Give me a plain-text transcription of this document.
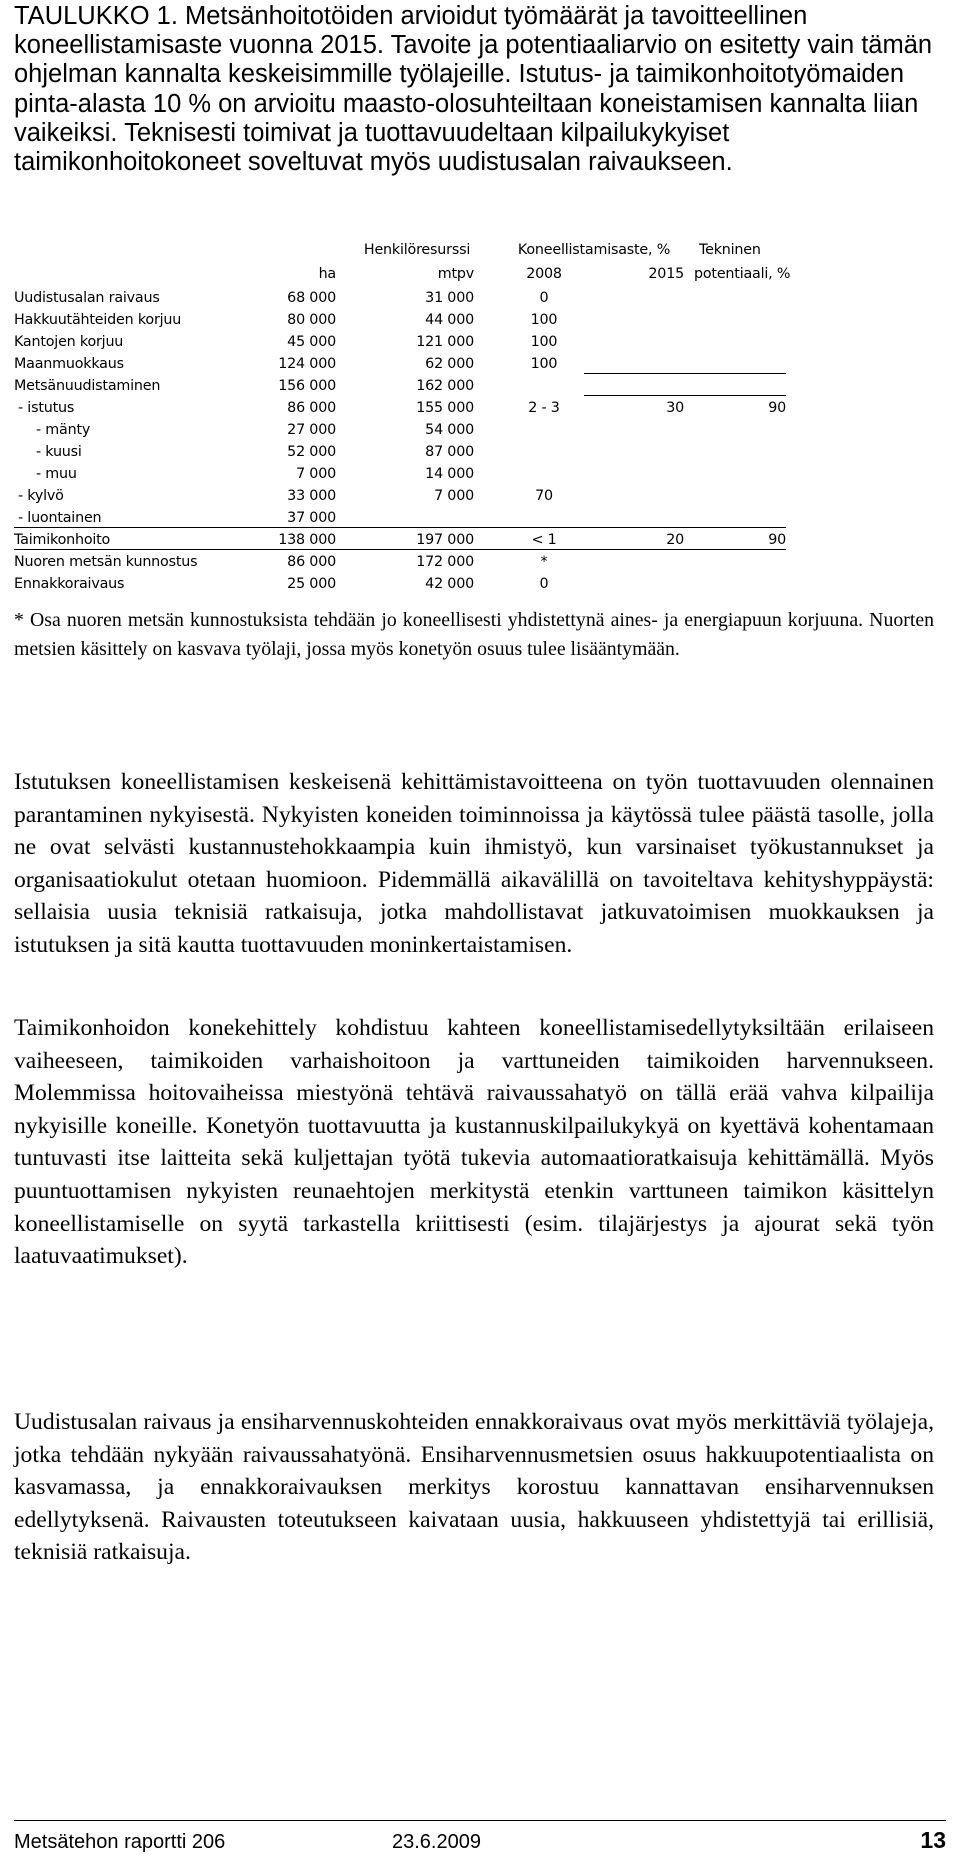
TAULUKKO 1. Metsänhoitotöiden arvioidut työmäärät ja tavoitteellinen koneellistamisaste vuonna 2015. Tavoite ja potentiaaliarvio on esitetty vain tämän ohjelman kannalta keskeisimmille työlajeille. Istutus- ja taimikonhoitotyömaiden pinta-alasta 10 % on arvioitu maasto-olosuhteiltaan koneistamisen kannalta liian vaikeiksi. Teknisesti toimivat ja tuottavuudeltaan kilpailukykyiset taimikonhoitokoneet soveltuvat myös uudistusalan raivaukseen.
Henkilöresurssi	Koneellistamisaste, %	Tekninen
ha	mtpv	2008	2015 potentiaali, %
Uudistusalan raivaus	68 000	31 000	0
Hakkuutähteiden korjuu	80 000	44 000	100
Kantojen korjuu	45 000	121 000	100
Maanmuokkaus	124 000	62 000	100
Metsänuudistaminen	156 000	162 000
- istutus	86 000	155 000	2 - 3	30	90
- mänty	27 000	54 000
- kuusi	52 000	87 000
- muu	7 000	14 000
- kylvö	33 000	7 000	70
- luontainen	37 000
Taimikonhoito	138 000	197 000	< 1	20	90
Nuoren metsän kunnostus	86 000	172 000	*
Ennakkoraivaus	25 000	42 000	0
* Osa nuoren metsän kunnostuksista tehdään jo koneellisesti yhdistettynä aines- ja energiapuun korjuuna. Nuorten metsien käsittely on kasvava työlaji, jossa myös konetyön osuus tulee lisääntymään.
Istutuksen koneellistamisen keskeisenä kehittämistavoitteena on työn tuottavuuden olennainen parantaminen nykyisestä. Nykyisten koneiden toiminnoissa ja käytössä tulee päästä tasolle, jolla ne ovat selvästi kustannustehokkaampia kuin ihmistyö, kun varsinaiset työkustannukset ja organisaatiokulut otetaan huomioon. Pidemmällä aikavälillä on tavoiteltava kehityshyppäystä: sellaisia uusia teknisiä ratkaisuja, jotka mahdollistavat jatkuvatoimisen muokkauksen ja istutuksen ja sitä kautta tuottavuuden moninkertaistamisen.
Taimikonhoidon konekehittely kohdistuu kahteen koneellistamisedellytyksiltään erilaiseen vaiheeseen, taimikoiden varhaishoitoon ja varttuneiden taimikoiden harvennukseen. Molemmissa hoitovaiheissa miestyönä tehtävä raivaussahatyö on tällä erää vahva kilpailija nykyisille koneille. Konetyön tuottavuutta ja kustannuskilpailukykyä on kyettävä kohentamaan tuntuvasti itse laitteita sekä kuljettajan työtä tukevia automaatioratkaisuja kehittämällä. Myös puuntuottamisen nykyisten reunaehtojen merkitystä etenkin varttuneen taimikon käsittelyn koneellistamiselle on syytä tarkastella kriittisesti (esim. tilajärjestys ja ajourat sekä työn laatuvaatimukset).
Uudistusalan raivaus ja ensiharvennuskohteiden ennakkoraivaus ovat myös merkittäviä työlajeja, jotka tehdään nykyään raivaussahatyönä. Ensiharvennusmetsien osuus hakkuupotentiaalista on kasvamassa, ja ennakkoraivauksen merkitys korostuu kannattavan ensiharvennuksen edellytyksenä. Raivausten toteutukseen kaivataan uusia, hakkuuseen yhdistettyjä tai erillisiä, teknisiä ratkaisuja.
Metsätehon raportti 206	23.6.2009	13
